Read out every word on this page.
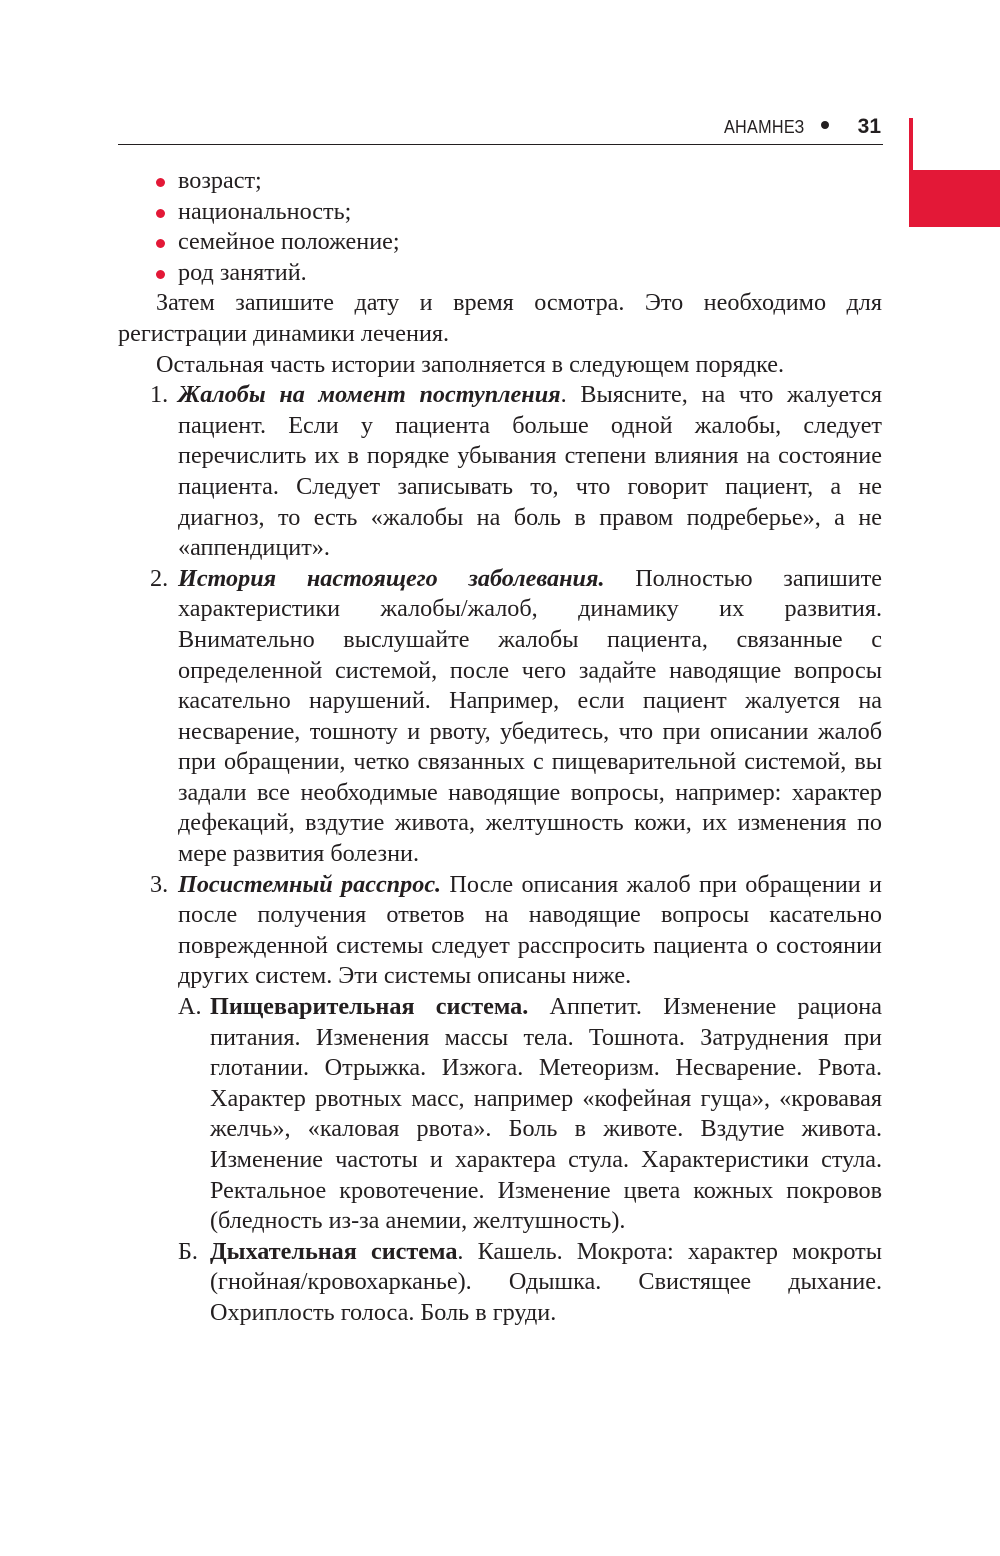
АНАМНЕЗ	31
возраст;
национальность;
семейное положение;
род занятий.

Затем запишите дату и время осмотра. Это необходимо для регистрации динамики лечения.

Остальная часть истории заполняется в следующем порядке.

1. Жалобы на момент поступления. Выясните, на что жалуется пациент. Если у пациента больше одной жалобы, следует перечислить их в порядке убывания степени влияния на состояние пациента. Следует записывать то, что говорит пациент, а не диагноз, то есть «жалобы на боль в правом подреберье», а не «аппендицит».

2. История настоящего заболевания. Полностью запишите характеристики жалобы/жалоб, динамику их развития. Внимательно выслушайте жалобы пациента, связанные с определенной системой, после чего задайте наводящие вопросы касательно нарушений. Например, если пациент жалуется на несварение, тошноту и рвоту, убедитесь, что при описании жалоб при обращении, четко связанных с пищеварительной системой, вы задали все необходимые наводящие вопросы, например: характер дефекаций, вздутие живота, желтушность кожи, их изменения по мере развития болезни.

3. Посистемный расспрос. После описания жалоб при обращении и после получения ответов на наводящие вопросы касательно поврежденной системы следует расспросить пациента о состоянии других систем. Эти системы описаны ниже.

А. Пищеварительная система. Аппетит. Изменение рациона питания. Изменения массы тела. Тошнота. Затруднения при глотании. Отрыжка. Изжога. Метеоризм. Несварение. Рвота. Характер рвотных масс, например «кофейная гуща», «кровавая желчь», «каловая рвота». Боль в животе. Вздутие живота. Изменение частоты и характера стула. Характеристики стула. Ректальное кровотечение. Изменение цвета кожных покровов (бледность из-за анемии, желтушность).

Б. Дыхательная система. Кашель. Мокрота: характер мокроты (гнойная/кровохарканье). Одышка. Свистящее дыхание. Охриплость голоса. Боль в груди.
